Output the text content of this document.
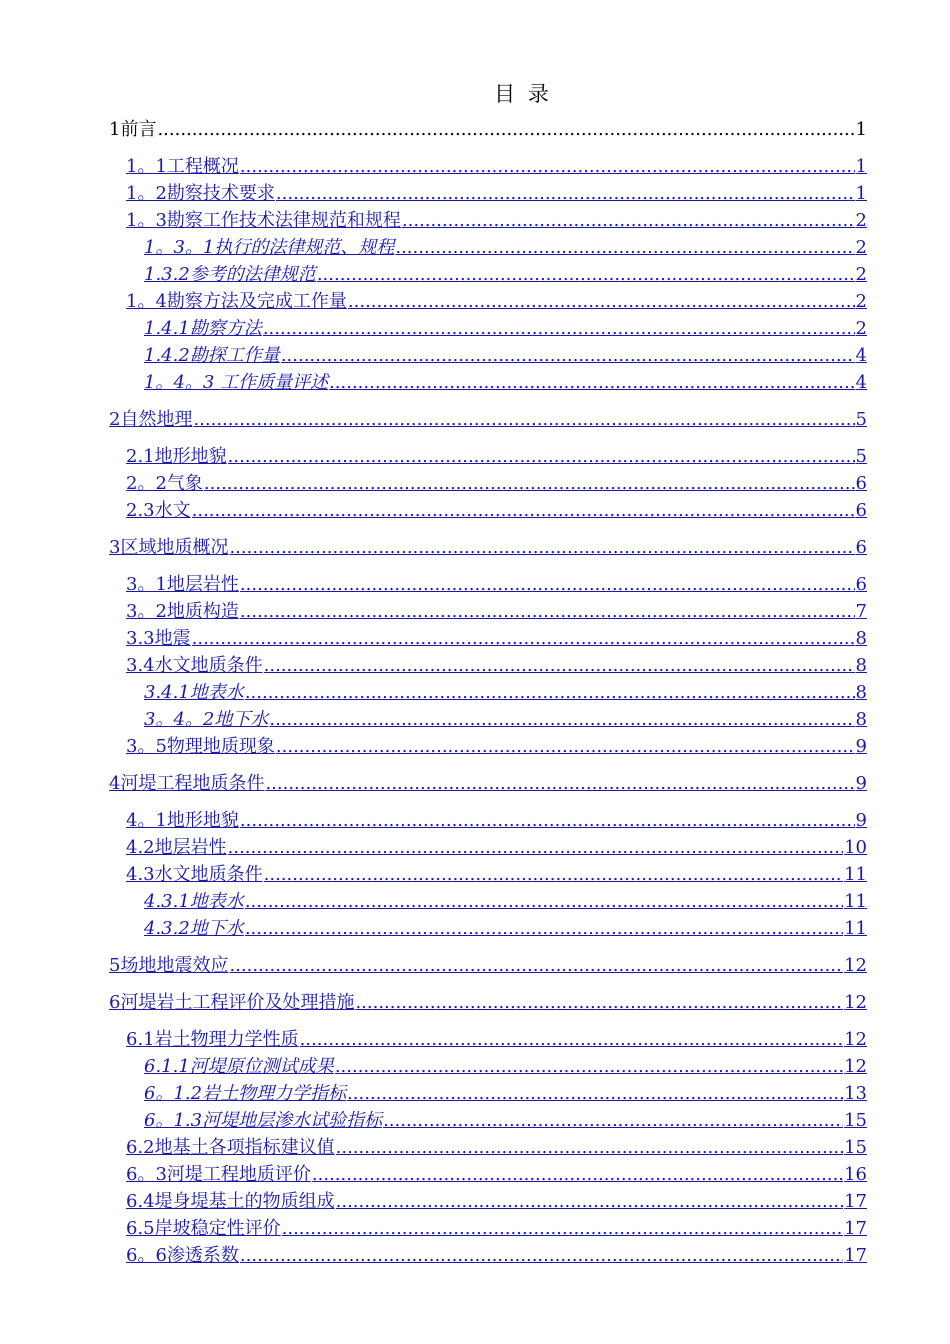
目 录
1前言 .....	1
1。1工程概况 .....	1
1。2勘察技术要求 .....	1
1。3勘察工作技术法律规范和规程 .....	2
1。3。1执行的法律规范、规程 .....	2
1.3.2参考的法律规范 .....	2
1。4勘察方法及完成工作量 .....	2
1.4.1勘察方法 .....	2
1.4.2勘探工作量 .....	4
1。4。3 工作质量评述 .....	4
2自然地理 .....	5
2.1地形地貌 .....	5
2。2气象 .....	6
2.3水文 .....	6
3区域地质概况 .....	6
3。1地层岩性 .....	6
3。2地质构造 .....	7
3.3地震 .....	8
3.4水文地质条件 .....	8
3.4.1地表水 .....	8
3。4。2地下水 .....	8
3。5物理地质现象 .....	9
4河堤工程地质条件 .....	9
4。1地形地貌 .....	9
4.2地层岩性 .....	10
4.3水文地质条件 .....	11
4.3.1地表水 .....	11
4.3.2地下水 .....	11
5场地地震效应 .....	12
6河堤岩土工程评价及处理措施 .....	12
6.1岩土物理力学性质 .....	12
6.1.1河堤原位测试成果 .....	12
6。1.2岩土物理力学指标 .....	13
6。1.3河堤地层渗水试验指标 .....	15
6.2地基土各项指标建议值 .....	15
6。3河堤工程地质评价 .....	16
6.4堤身堤基土的物质组成 .....	17
6.5岸坡稳定性评价 .....	17
6。6渗透系数 .....	17
